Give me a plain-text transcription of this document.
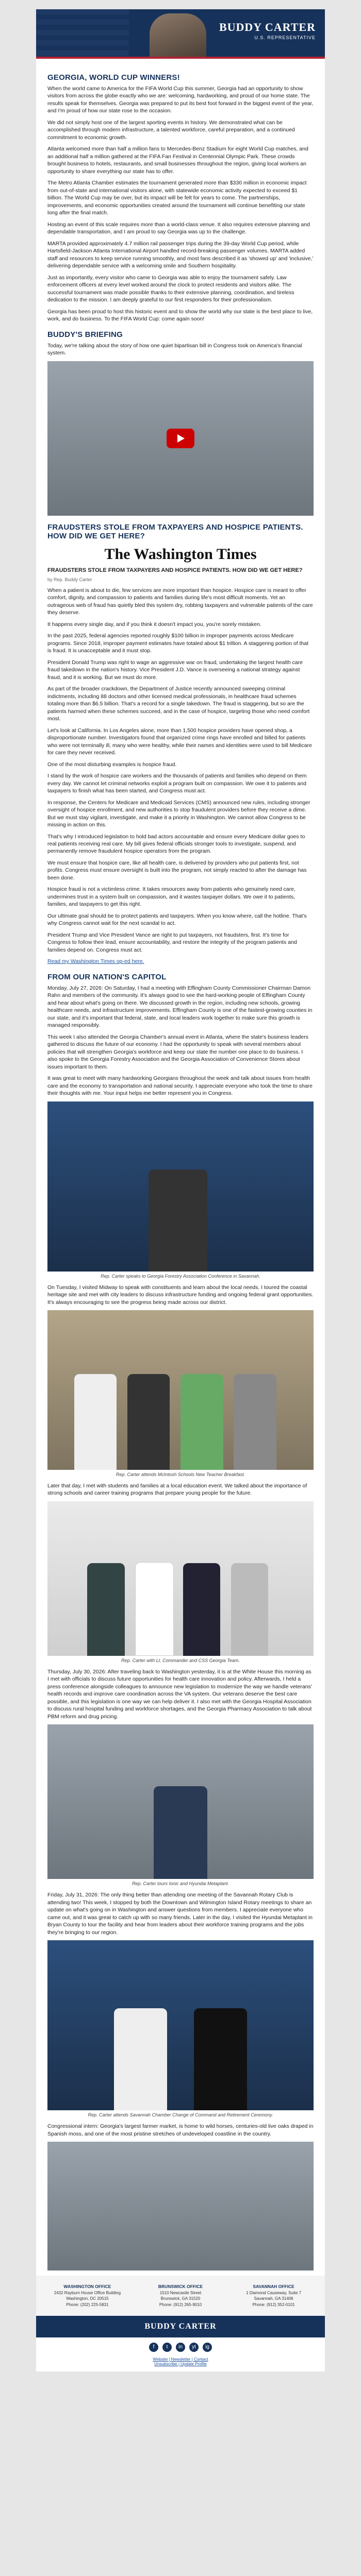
BUDDY CARTER
U.S. REPRESENTATIVE
GEORGIA, WORLD CUP WINNERS!

When the world came to America for the FIFA World Cup this summer, Georgia had an opportunity to show visitors from across the globe exactly who we are: welcoming, hardworking, and proud of our home state. The results speak for themselves. Georgia was prepared to put its best foot forward in the biggest event of the year, and I'm proud of how our state rose to the occasion.

We did not simply host one of the largest sporting events in history. We demonstrated what can be accomplished through modern infrastructure, a talented workforce, careful preparation, and a continued commitment to economic growth.

Atlanta welcomed more than half a million fans to Mercedes-Benz Stadium for eight World Cup matches, and an additional half a million gathered at the FIFA Fan Festival in Centennial Olympic Park. These crowds brought business to hotels, restaurants, and small businesses throughout the region, giving local workers an opportunity to share everything our state has to offer.

The Metro Atlanta Chamber estimates the tournament generated more than $330 million in economic impact from out-of-state and international visitors alone, with statewide economic activity expected to exceed $1 billion. The World Cup may be over, but its impact will be felt for years to come. The partnerships, improvements, and economic opportunities created around the tournament will continue benefiting our state long after the final match.

Hosting an event of this scale requires more than a world-class venue. It also requires extensive planning and dependable transportation, and I am proud to say Georgia was up to the challenge.

MARTA provided approximately 4.7 million rail passenger trips during the 39-day World Cup period, while Hartsfield-Jackson Atlanta International Airport handled record-breaking passenger volumes. MARTA added staff and resources to keep service running smoothly, and most fans described it as 'showed up' and 'inclusive,' delivering dependable service with a welcoming smile and Southern hospitality.

Just as importantly, every visitor who came to Georgia was able to enjoy the tournament safely. Law enforcement officers at every level worked around the clock to protect residents and visitors alike. The successful tournament was made possible thanks to their extensive planning, coordination, and tireless dedication to the mission. I am deeply grateful to our first responders for their professionalism.

Georgia has been proud to host this historic event and to show the world why our state is the best place to live, work, and do business. To the FIFA World Cup: come again soon!

BUDDY'S BRIEFING

Today, we're talking about the story of how one quiet bipartisan bill in Congress took on America's financial system.

FRAUDSTERS STOLE FROM TAXPAYERS AND HOSPICE PATIENTS. HOW DID WE GET HERE?
The Washington Times
FRAUDSTERS STOLE FROM TAXPAYERS AND HOSPICE PATIENTS. HOW DID WE GET HERE?

by Rep. Buddy Carter

When a patient is about to die, few services are more important than hospice. Hospice care is meant to offer comfort, dignity, and compassion to patients and families during life's most difficult moments. Yet an outrageous web of fraud has quietly bled this system dry, robbing taxpayers and vulnerable patients of the care they deserve.

It happens every single day, and if you think it doesn't impact you, you're sorely mistaken.

In the past 2025, federal agencies reported roughly $100 billion in improper payments across Medicare programs. Since 2018, improper payment estimates have totaled about $1 trillion. A staggering portion of that is fraud. It is unacceptable and it must stop.

President Donald Trump was right to wage an aggressive war on fraud, undertaking the largest health care fraud takedown in the nation's history. Vice President J.D. Vance is overseeing a national strategy against fraud, and it is working. But we must do more.

As part of the broader crackdown, the Department of Justice recently announced sweeping criminal indictments, including 88 doctors and other licensed medical professionals, in healthcare fraud schemes totaling more than $6.5 billion. That's a record for a single takedown. The fraud is staggering, but so are the patients harmed when these schemes succeed, and in the case of hospice, targeting those who need comfort most.

Let's look at California. In Los Angeles alone, more than 1,500 hospice providers have opened shop, a disproportionate number. Investigators found that organized crime rings have enrolled and billed for patients who were not terminally ill, many who were healthy, while their names and identities were used to bill Medicare for care they never received.

One of the most disturbing examples is hospice fraud.

I stand by the work of hospice care workers and the thousands of patients and families who depend on them every day. We cannot let criminal networks exploit a program built on compassion. We owe it to patients and taxpayers to finish what has been started, and Congress must act.

In response, the Centers for Medicare and Medicaid Services (CMS) announced new rules, including stronger oversight of hospice enrollment, and new authorities to stop fraudulent providers before they receive a dime. But we must stay vigilant, investigate, and make it a priority in Washington. We cannot allow Congress to be missing in action on this.

That's why I introduced legislation to hold bad actors accountable and ensure every Medicare dollar goes to real patients receiving real care. My bill gives federal officials stronger tools to investigate, suspend, and permanently remove fraudulent hospice operators from the program.

We must ensure that hospice care, like all health care, is delivered by providers who put patients first, not profits. Congress must ensure oversight is built into the program, not simply reacted to after the damage has been done.

Hospice fraud is not a victimless crime. It takes resources away from patients who genuinely need care, undermines trust in a system built on compassion, and it wastes taxpayer dollars. We owe it to patients, families, and taxpayers to get this right.

Our ultimate goal should be to protect patients and taxpayers. When you know where, call the hotline. That's why Congress cannot wait for the next scandal to act.

President Trump and Vice President Vance are right to put taxpayers, not fraudsters, first. It's time for Congress to follow their lead, ensure accountability, and restore the integrity of the program patients and families depend on. Congress must act.

Read my Washington Times op-ed here.

FROM OUR NATION'S CAPITOL

Monday, July 27, 2026: On Saturday, I had a meeting with Effingham County Commissioner Chairman Damon Rahn and members of the community. It's always good to see the hard-working people of Effingham County and hear about what's going on there. We discussed growth in the region, including new schools, growing healthcare needs, and infrastructure improvements. Effingham County is one of the fastest-growing counties in our state, and it's important that federal, state, and local leaders work together to make sure this growth is managed responsibly.

This week I also attended the Georgia Chamber's annual event in Atlanta, where the state's business leaders gathered to discuss the future of our economy. I had the opportunity to speak with several members about policies that will strengthen Georgia's workforce and keep our state the number one place to do business. I also spoke to the Georgia Forestry Association and the Georgia Association of Convenience Stores about issues important to them.

It was great to meet with many hardworking Georgians throughout the week and talk about issues from health care and the economy to transportation and national security. I appreciate everyone who took the time to share their thoughts with me. Your input helps me better represent you in Congress.

Rep. Carter speaks to Georgia Forestry Association Conference in Savannah.

On Tuesday, I visited Midway to speak with constituents and learn about the local needs. I toured the coastal heritage site and met with city leaders to discuss infrastructure funding and ongoing federal grant opportunities. It's always encouraging to see the progress being made across our district.

Rep. Carter attends McIntosh Schools New Teacher Breakfast.

Later that day, I met with students and families at a local education event. We talked about the importance of strong schools and career training programs that prepare young people for the future.

Rep. Carter with Lt. Commander and CSS Georgia Team.

Thursday, July 30, 2026: After traveling back to Washington yesterday, it is at the White House this morning as I met with officials to discuss future opportunities for health care innovation and policy. Afterwards, I held a press conference alongside colleagues to announce new legislation to modernize the way we handle veterans' health records and improve care coordination across the VA system. Our veterans deserve the best care possible, and this legislation is one way we can help deliver it. I also met with the Georgia Hospital Association to discuss rural hospital funding and workforce shortages, and the Georgia Pharmacy Association to talk about PBM reform and drug pricing.

Rep. Carter tours Ionic and Hyundai Metaplant.

Friday, July 31, 2026: The only thing better than attending one meeting of the Savannah Rotary Club is attending two! This week, I stopped by both the Downtown and Wilmington Island Rotary meetings to share an update on what's going on in Washington and answer questions from members. I appreciate everyone who came out, and it was great to catch up with so many friends. Later in the day, I visited the Hyundai Metaplant in Bryan County to tour the facility and hear from leaders about their workforce training programs and the jobs they're bringing to our region.

Rep. Carter attends Savannah Chamber Change of Command and Retirement Ceremony.

Congressional intern: Georgia's largest farmer market, is home to wild horses, centuries-old live oaks draped in Spanish moss, and one of the most pristine stretches of undeveloped coastline in the country.

WASHINGTON OFFICE
2432 Rayburn House Office Building
Washington, DC 20515
Phone: (202) 225-5831
BRUNSWICK OFFICE
1510 Newcastle Street
Brunswick, GA 31520
Phone: (912) 265-9010
SAVANNAH OFFICE
1 Diamond Causeway, Suite 7
Savannah, GA 31406
Phone: (912) 352-0101
BUDDY CARTER
f	t	in	yt	ig
Website | Newsletter | Contact
Unsubscribe | Update Profile
